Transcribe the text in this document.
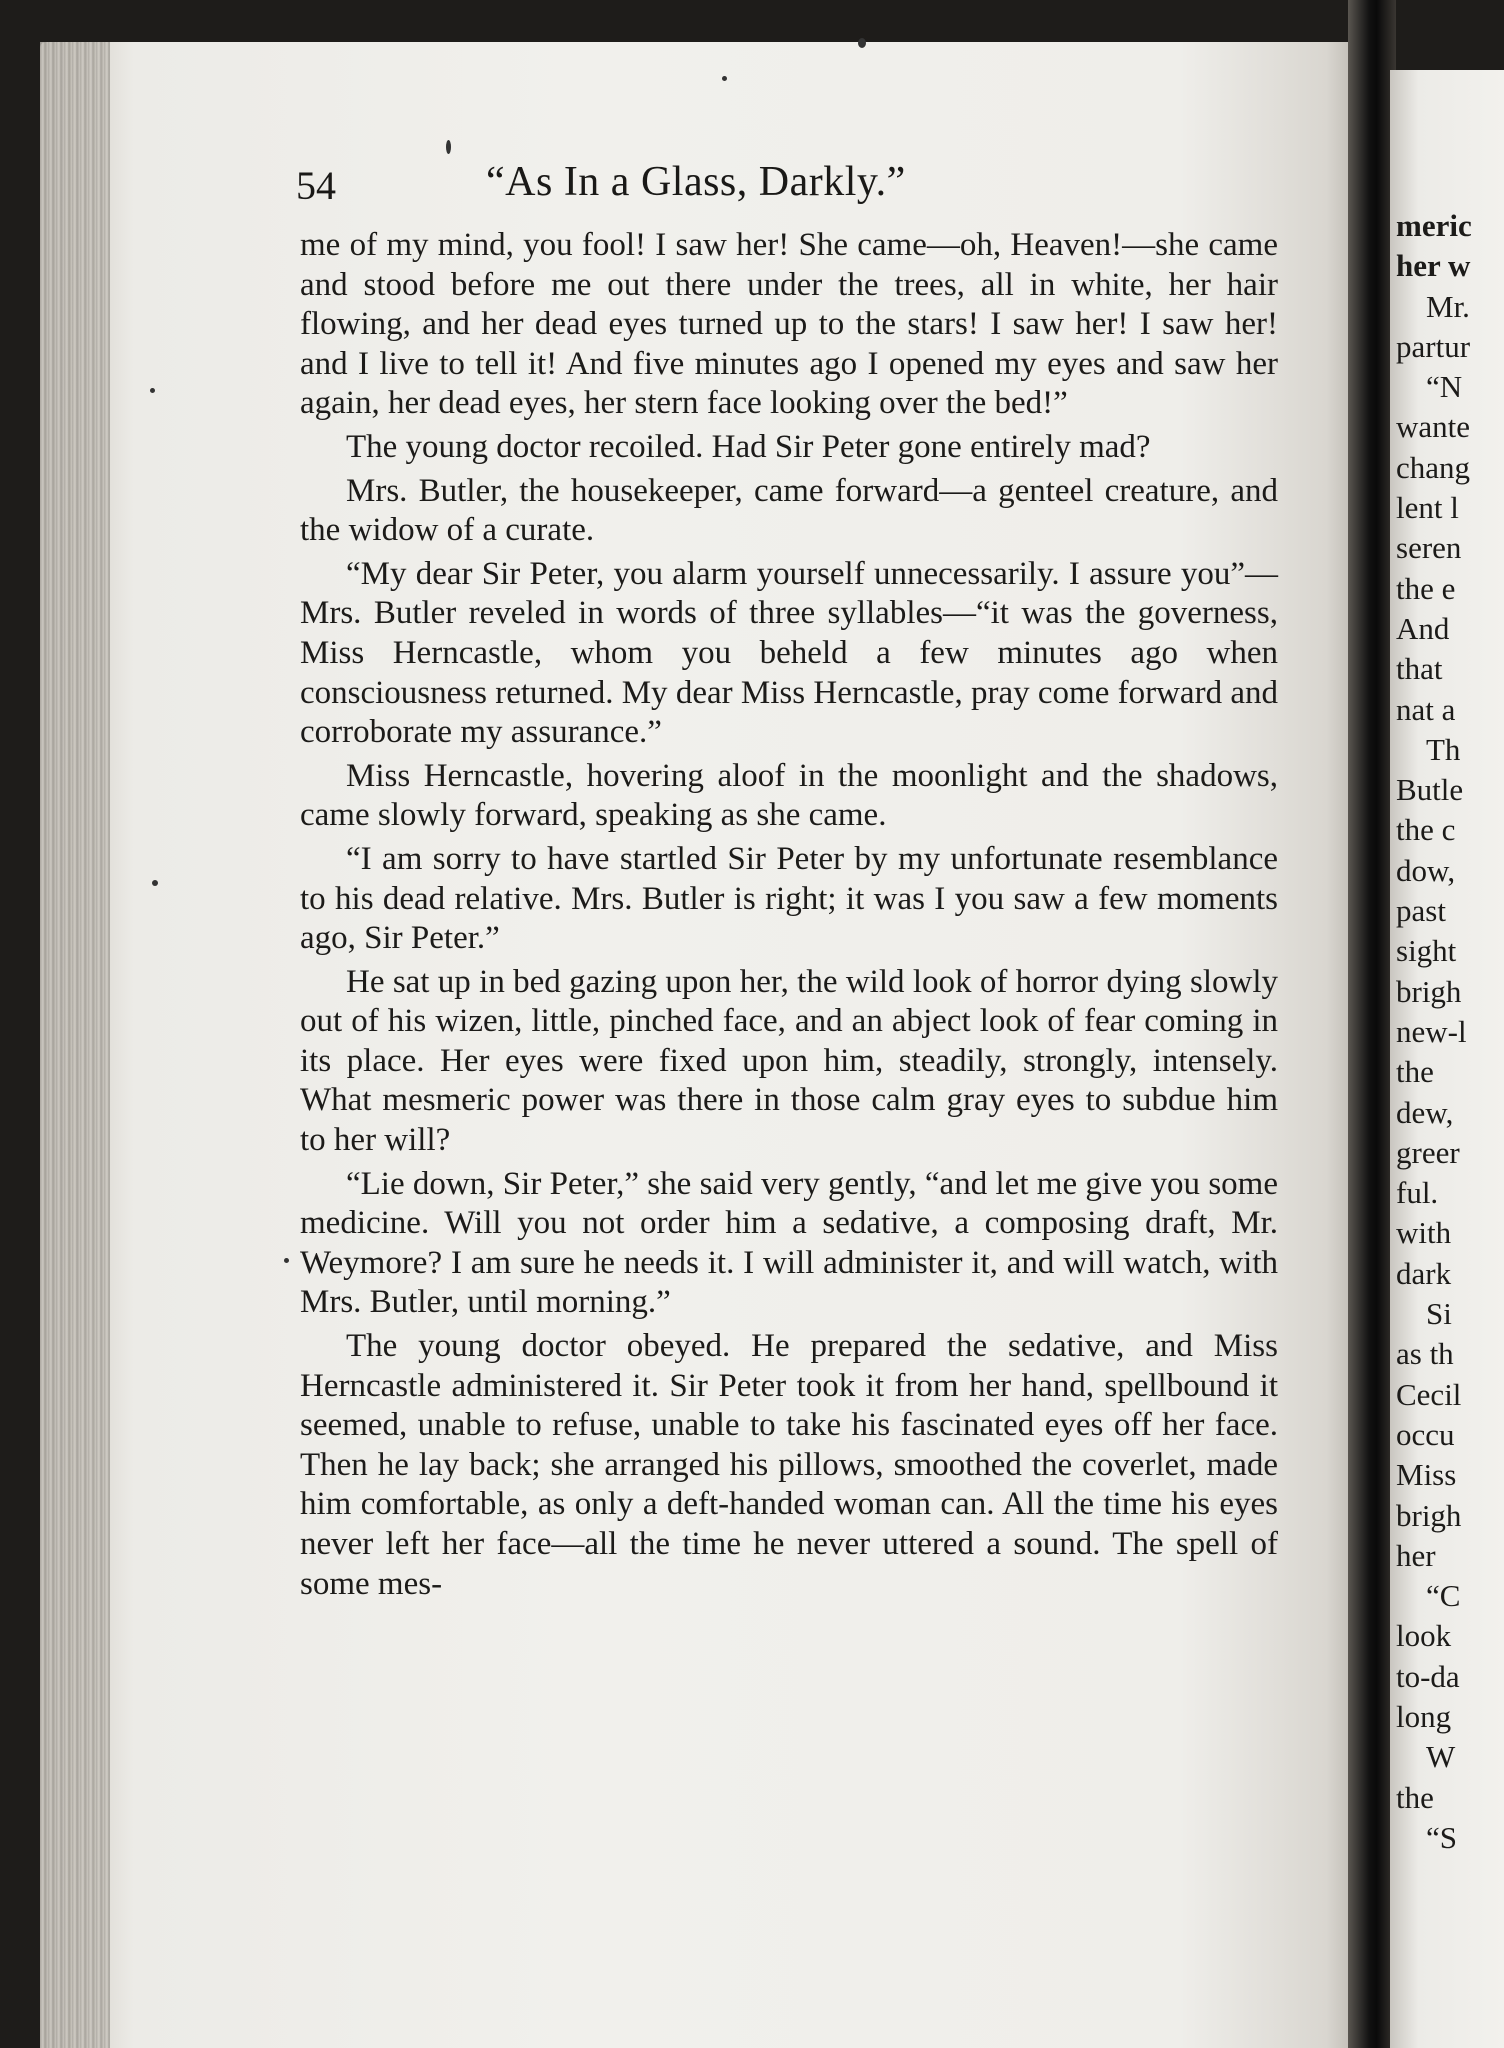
54	“As In a Glass, Darkly.”

me of my mind, you fool! I saw her! She came—oh, Heaven!—she came and stood before me out there under the trees, all in white, her hair flowing, and her dead eyes turned up to the stars! I saw her! I saw her! and I live to tell it! And five minutes ago I opened my eyes and saw her again, her dead eyes, her stern face looking over the bed!”

The young doctor recoiled. Had Sir Peter gone entirely mad?

Mrs. Butler, the housekeeper, came forward—a genteel creature, and the widow of a curate.

“My dear Sir Peter, you alarm yourself unnecessarily. I assure you”—Mrs. Butler reveled in words of three syllables—“it was the governess, Miss Herncastle, whom you beheld a few minutes ago when consciousness returned. My dear Miss Herncastle, pray come forward and corroborate my assurance.”

Miss Herncastle, hovering aloof in the moonlight and the shadows, came slowly forward, speaking as she came.

“I am sorry to have startled Sir Peter by my unfortunate resemblance to his dead relative. Mrs. Butler is right; it was I you saw a few moments ago, Sir Peter.”

He sat up in bed gazing upon her, the wild look of horror dying slowly out of his wizen, little, pinched face, and an abject look of fear coming in its place. Her eyes were fixed upon him, steadily, strongly, intensely. What mesmeric power was there in those calm gray eyes to subdue him to her will?

“Lie down, Sir Peter,” she said very gently, “and let me give you some medicine. Will you not order him a sedative, a composing draft, Mr. Weymore? I am sure he needs it. I will administer it, and will watch, with Mrs. Butler, until morning.”

The young doctor obeyed. He prepared the sedative, and Miss Herncastle administered it. Sir Peter took it from her hand, spellbound it seemed, unable to refuse, unable to take his fascinated eyes off her face. Then he lay back; she arranged his pillows, smoothed the coverlet, made him comfortable, as only a deft-handed woman can. All the time his eyes never left her face—all the time he never uttered a sound. The spell of some mes-

meric
her w
Mr.
partur
“N
wante
chang
lent l
seren
the e
And
that
nat a
Th
Butle
the c
dow,
past
sight
brigh
new-l
the
dew,
greer
ful.
with
dark
Si
as th
Cecil
occu
Miss
brigh
her
“C
look
to-da
long
W
the
“S
